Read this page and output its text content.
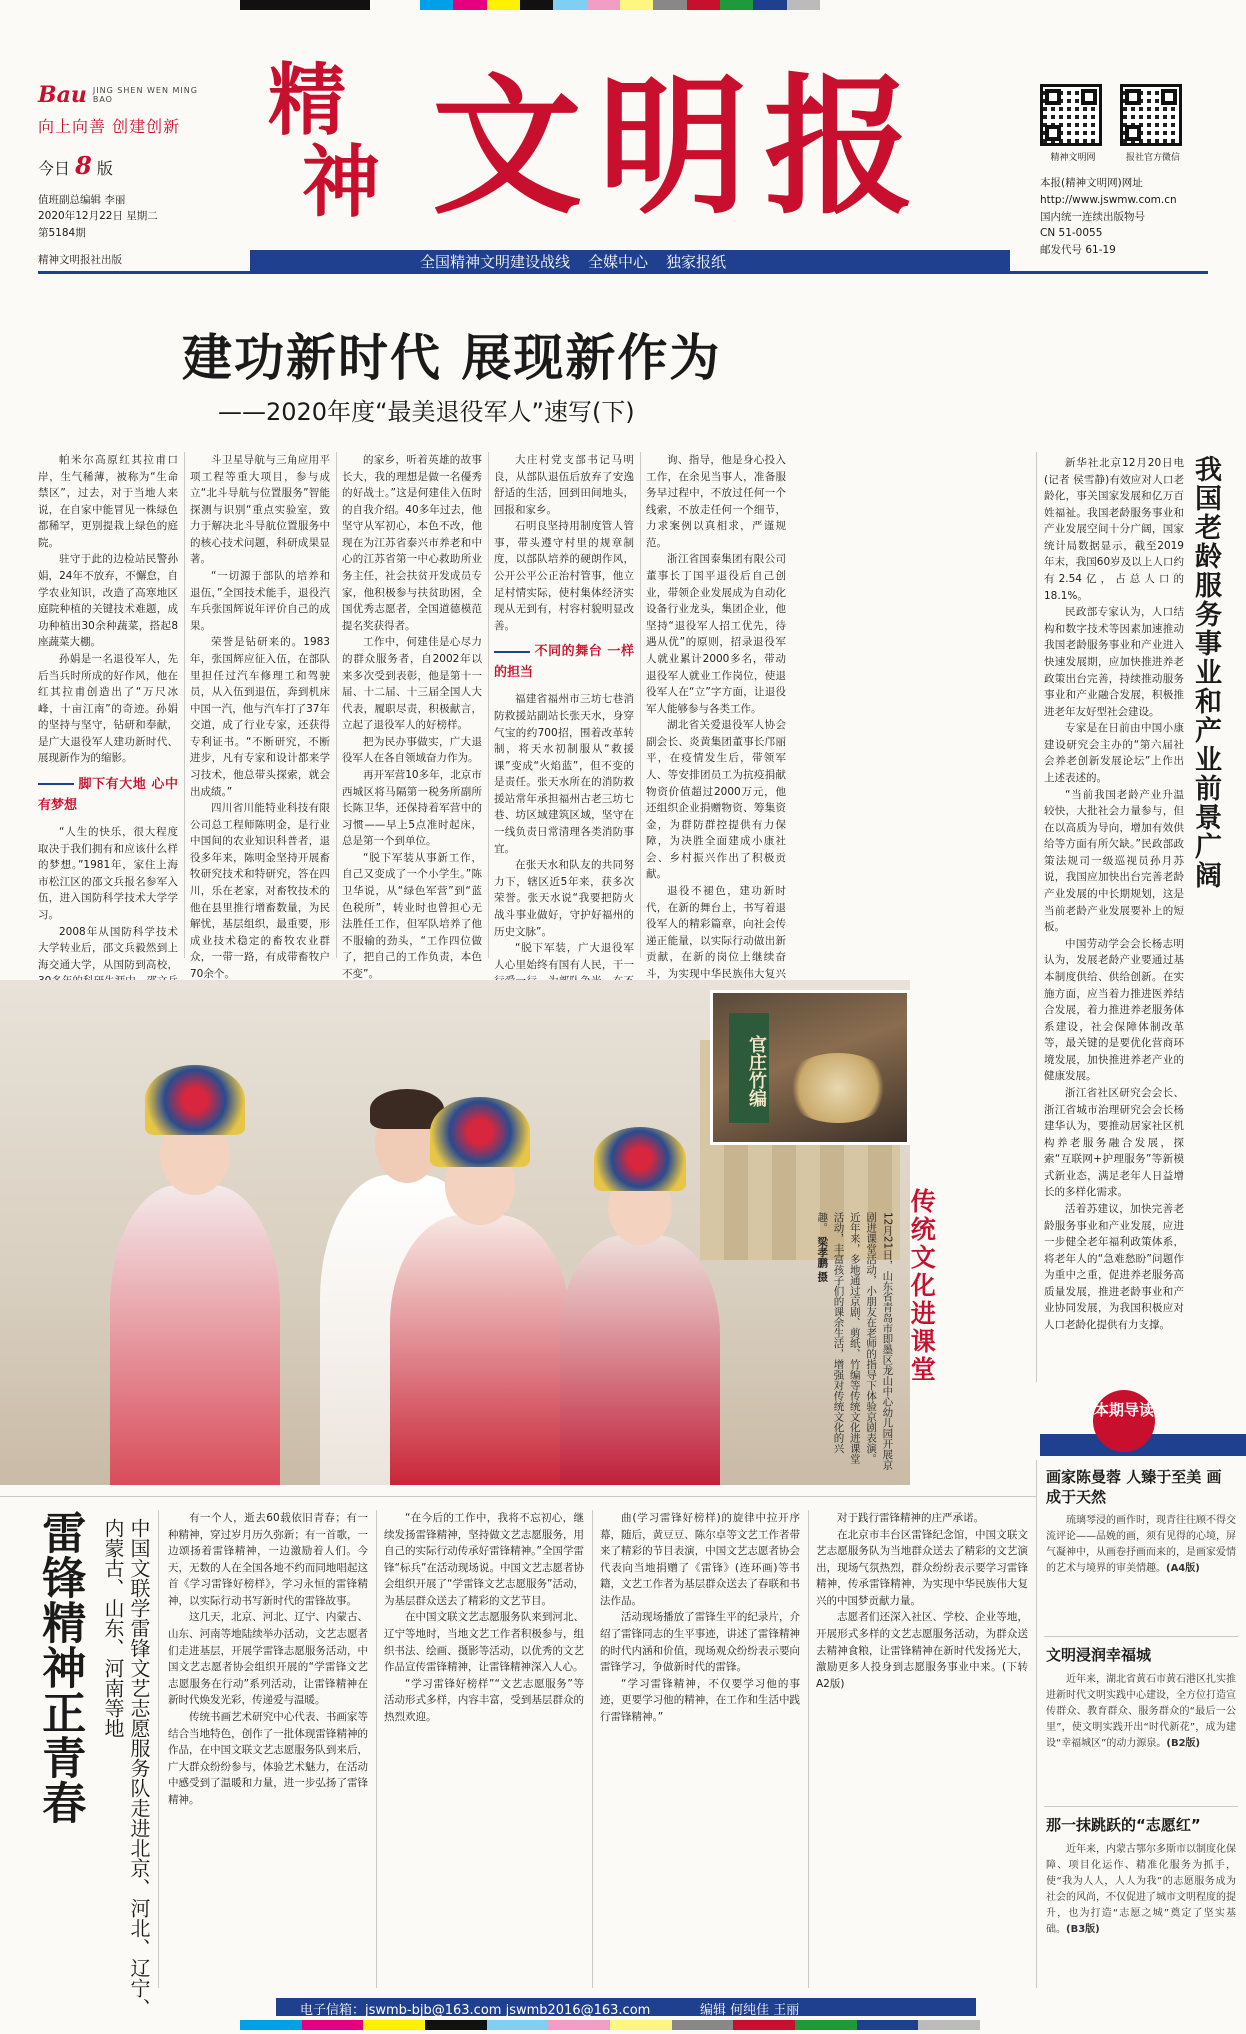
Bau JING SHEN WEN MING BAO
向上向善 创建创新
今日 8 版
值班副总编辑 李丽
2020年12月22日 星期二
第5184期
精神文明报社出版
精
神 文明报	精神文明网	报社官方微信
本报(精神文明网)网址
http://www.jswmw.com.cn
国内统一连续出版物号
CN 51-0055
邮发代号 61-19
全国精神文明建设战线 全媒中心 独家报纸
建功新时代 展现新作为
——2020年度“最美退役军人”速写(下)

帕米尔高原红其拉甫口岸，生气稀薄，被称为“生命禁区”，过去，对于当地人来说，在自家中能冒见一株绿色都稀罕，更别提栽上绿色的庭院。

驻守于此的边检站民警孙娟，24年不放弃，不懈怠，自学农业知识，改造了高寒地区庭院种植的关键技术难题，成功种植出30余种蔬菜，搭起8座蔬菜大棚。

孙娟是一名退役军人，先后当兵时所成的好作风，他在红其拉甫创造出了“万尺冰峰，十亩江南”的奇迹。孙娟的坚持与坚守，钻研和奉献，是广大退役军人建功新时代、展现新作为的缩影。

脚下有大地 心中有梦想

“人生的快乐，很大程度取决于我们拥有和应该什么样的梦想。”1981年，家住上海市松江区的邵文兵报名参军入伍，进入国防科学技术大学学习。

2008年从国防科学技术大学转业后，邵文兵毅然到上海交通大学，从国防到高校，

斗卫星导航与三角应用平项工程等重大项目，参与成立“北斗导航与位置服务”智能探测与识别“重点实验室，致力于解决北斗导航位置服务中的核心技术问题，科研成果显著。

“一切源于部队的培养和退伍，”全国技术能手，退役汽车兵张国辉说年评价自己的成果。

荣誉是钻研来的。1983年，张国辉应征入伍，在部队里担任过汽车修理工和驾驶员，从入伍到退伍，奔到机床中国一汽，他与汽车打了37年交道，成了行业专家，还获得专利证书。“不断研究，不断进步，凡有专家和设计都来学习技术，他总带头探索，就会出成绩。”

四川省川能特业科技有限公司总工程师陈明金，是行业中国间的农业知识科普者，退役多年来，陈明金坚持开展畜牧研究技术和特研究，答在四川，乐在老家，对畜牧技术的他在县里推行增畜数量，为民解忧，基层组织，最重要，形成业技术稳定的畜牧农业群众，一带一路，有成带畜牧户70余个。

的家乡，听着英雄的故事长大，我的理想是做一名優秀的好战士。”这是何建佳入伍时的自我介绍。40多年过去，他坚守从军初心，本色不改，他现在为江苏省泰兴市养老和中心的江苏省第一中心救助所业务主任，社会扶贫开发成员专家，他积极参与扶贫助困，全国优秀志愿者，全国道德模范提名奖获得者。

工作中，何建佳是心尽力的群众服务者，自2002年以来多次受到表彰，他是第十一届、十二届、十三届全国人大代表，履职尽责，积极献言，立起了退役军人的好榜样。

把为民办事做实，广大退役军人在各自领域奋力作为。

再开军营10多年，北京市西城区将马隔第一税务所副所长陈卫华，还保持着军营中的习惯——早上5点准时起床，总是第一个到单位。

“脱下军装从事新工作，自己又变成了一个小学生。”陈卫华说，从“绿色军营”到“蓝色税所”，转业时也曾担心无法胜任工作，但军队培养了他不服输的劲头，“工作四位做了，把自己的工作负责，本色不变”。

大庄村党支部书记马明良，从部队退伍后放弃了安逸舒适的生活，回到田间地头，回报和家乡。

石明良坚持用制度管人管事，带头遵守村里的规章制度，以部队培养的硬朗作风，公开公平公正治村管事，他立足村情实际，使村集体经济实现从无到有，村容村貌明显改善。

不同的舞台 一样的担当

福建省福州市三坊七巷消防救援站副站长张天水，身穿气宝的约700招，围着改革转制，将天水初制服从“救援课”变成“火焰蓝”，但不变的是责任。张天水所在的消防救援站常年承担福州古老三坊七巷、坊区域建筑区域，坚守在一线负责日常清理各类消防事宜。

在张天水和队友的共同努力下，辖区近5年来，获多次荣誉。张天水说“我要把防火战斗事业做好，守护好福州的历史文脉”。

“脱下军装，广大退役军人心里始终有国有人民，干一

询、指导，他是身心投入工作，在余见当事人，准备服务早过程中，不放过任何一个线索，不放走任何一个细节，力求案例以真相求，严谨规范。

浙江省国泰集团有限公司董事长丁国平退役后自己创业，带领企业发展成为自动化设备行业龙头，集团企业，他坚持“退役军人招工优先，待遇从优”的原则，招录退役军人就业累计2000多名，带动退役军人就业工作岗位，使退役军人在“立”字方面，让退役军人能够参与各类工作。

湖北省关爱退役军人协会副会长、炎黄集团董事长邝丽平，在疫情发生后，带领军人、等安排团员工为抗疫捐献物资价值超过2000万元，他还组织企业捐赠物资、筹集资金，为群防群控提供有力保障，为决胜全面建成小康社会、乡村振兴作出了积极贡献。

退役不褪色，建功新时代，在新的舞台上，书写着退役军人的精彩篇章，向社会传递正能量，以实际行动做出新贡献，在新的岗位上继续奋斗，为实现中华民族伟大复兴

我国老龄服务事业和产业前景广阔

新华社北京12月20日电(记者 侯雪静)有效应对人口老龄化，事关国家发展和亿万百姓福祉。我国老龄服务事业和产业发展空间十分广阔，国家统计局数据显示，截至2019年末，我国60岁及以上人口约有2.54亿，占总人口的18.1%。

民政部专家认为，人口结构和数字技术等因素加速推动我国老龄服务事业和产业进入快速发展期，应加快推进养老政策出台完善，持续推动服务事业和产业融合发展，积极推进老年友好型社会建设。

专家是在日前由中国小康建设研究会主办的“第六届社会养老创新发展论坛”上作出上述表述的。

“当前我国老龄产业升温较快，大批社会力量参与，但在以高质为导向，增加有效供给等方面有所欠缺。”民政部政策法规司一级巡视员孙月苏说，我国应加快出台完善老龄产业发展的中长期规划，这是当前老龄产业发展要补上的短板。

中国劳动学会会长杨志明认为，发展老龄产业要通过基本制度供给、供给创新。在实施方面，应当着力推进医养结合发展，着力推进养老服务体系建设，社会保障体制改革等，最关键的是要优化营商环境发展，加快推进养老产业的健康发展。

浙江省社区研究会会长、浙江省城市治理研究会会长杨建华认为，要推动居家社区机构养老服务融合发展，探索“互联网+护理服务”等新模式新业态，满足老年人日益增长的多样化需求。

活着苏建议，加快完善老龄服务事业和产业发展，应进一步健全老年福利政策体系，将老年人的“急难愁盼”问题作为重中之重，促进养老服务高质量发展，推进老龄事业和产业协同发展，为我国积极应对人口老龄化提供有力支撑。

官庄竹编
传统文化进课堂
12月21日，山东省青岛市即墨区龙山中心幼儿园开展京剧进课堂活动，小朋友在老师的指导下体验京剧表演。近年来，多地通过京剧、剪纸、竹编等传统文化进课堂活动，丰富孩子们的课余生活，增强对传统文化的兴趣。 梁孝鹏 摄
雷锋精神正青春	中国文联学雷锋文艺志愿服务队走进北京、河北、辽宁、内蒙古、山东、河南等地	有一个人，逝去60载依旧青春；有一种精神，穿过岁月历久弥新；有一首歌，一边颂扬着雷锋精神，一边激励着人们。今天，无数的人在全国各地不约而同地唱起这首《学习雷锋好榜样》，学习永恒的雷锋精神，以实际行动书写新时代的雷锋故事。

这几天，北京、河北、辽宁、内蒙古、山东、河南等地陆续举办活动，文艺志愿者们走进基层，开展学雷锋志愿服务活动，中国文艺志愿者协会组织开展的“学雷锋文艺志愿服务在行动”系列活动，让雷锋精神在新时代焕发光彩，传递爱与温暖。

传统书画艺术研究中心代表、书画家等结合当地特色，创作了一批体现雷锋精神的作品，在中国文联文艺志愿服务队到来后，广大群众纷纷参与，体验艺术魅力，在活动中感受到了温暖和力量，进一步弘扬了雷锋精神。

“在今后的工作中，我将不忘初心，继续发扬雷锋精神，坚持做文艺志愿服务，用自己的实际行动传承好雷锋精神。”全国学雷锋“标兵”在活动现场说。中国文艺志愿者协会组织开展了“学雷锋文艺志愿服务”活动，为基层群众送去了精彩的文艺节目。

在中国文联文艺志愿服务队来到河北、辽宁等地时，当地文艺工作者积极参与，组织书法、绘画、摄影等活动，以优秀的文艺作品宣传雷锋精神，让雷锋精神深入人心。

“学习雷锋好榜样”“文艺志愿服务”等活动形式多样，内容丰富，受到基层群众的热烈欢迎。

曲(学习雷锋好榜样)的旋律中拉开序幕，随后，黄豆豆、陈尔卓等文艺工作者带来了精彩的节目表演，中国文艺志愿者协会代表向当地捐赠了《雷锋》(连环画)等书籍，文艺工作者为基层群众送去了春联和书法作品。

活动现场播放了雷锋生平的纪录片，介绍了雷锋同志的生平事迹，讲述了雷锋精神的时代内涵和价值，现场观众纷纷表示要向雷锋学习，争做新时代的雷锋。

“学习雷锋精神，不仅要学习他的事迹，更要学习他的精神，在工作和生活中践行雷锋精神。”

对于践行雷锋精神的庄严承诺。

在北京市丰台区雷锋纪念馆，中国文联文艺志愿服务队为当地群众送去了精彩的文艺演出，现场气氛热烈，群众纷纷表示要学习雷锋精神，传承雷锋精神，为实现中华民族伟大复兴的中国梦贡献力量。

志愿者们还深入社区、学校、企业等地，开展形式多样的文艺志愿服务活动，为群众送去精神食粮，让雷锋精神在新时代发扬光大，激励更多人投身到志愿服务事业中来。(下转A2版)

本期导读
画家陈曼蓉 人臻于至美 画成于天然

琉璃琴浸的画作时，现青往往顾不得交流评论——品娩的画，须有见得的心境，屏气凝神中，从画卷抒画而来的，是画家爱情的艺术与境界的审美情趣。(A4版)

文明浸润幸福城

近年来，湖北省黄石市黄石港区扎实推进新时代文明实践中心建设，全方位打造宣传群众、教育群众、服务群众的“最后一公里”，使文明实践开出“时代新花”，成为建设“幸福城区”的动力源泉。(B2版)

那一抹跳跃的“志愿红”

近年来，内蒙古鄂尔多斯市以制度化保障、项目化运作、精准化服务为抓手，使“我为人人，人人为我”的志愿服务成为社会的风尚，不仅促进了城市文明程度的提升，也为打造“志愿之城”奠定了坚实基础。(B3版)

电子信箱：jswmb-bjb@163.com jswmb2016@163.com	编辑 何纯佳 王丽
